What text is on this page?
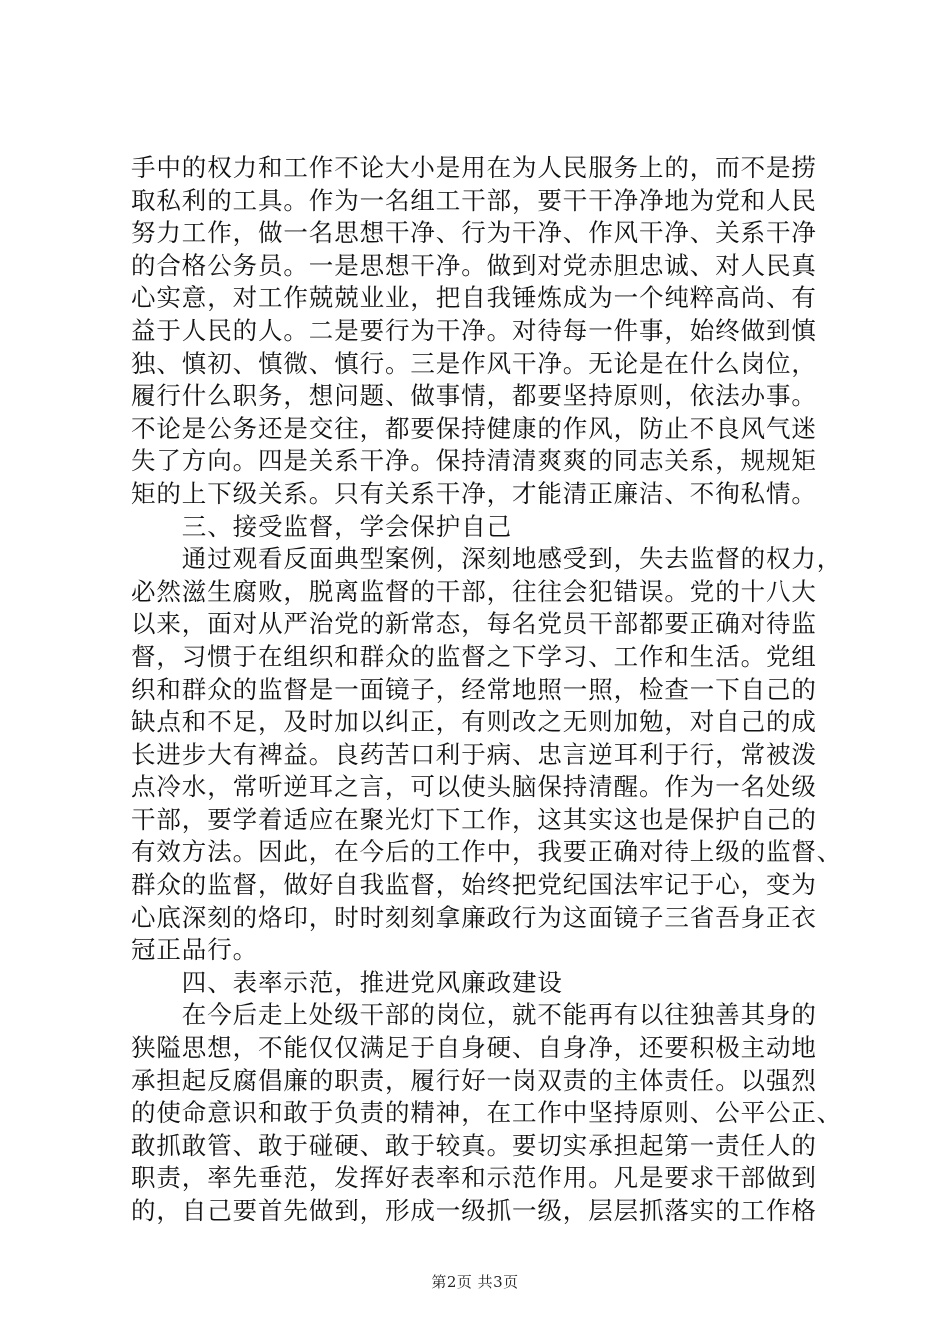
手中的权力和工作不论大小是用在为人民服务上的，而不是捞
取私利的工具。作为一名组工干部，要干干净净地为党和人民
努力工作，做一名思想干净、行为干净、作风干净、关系干净
的合格公务员。一是思想干净。做到对党赤胆忠诚、对人民真
心实意，对工作兢兢业业，把自我锤炼成为一个纯粹高尚、有
益于人民的人。二是要行为干净。对待每一件事，始终做到慎
独、慎初、慎微、慎行。三是作风干净。无论是在什么岗位，
履行什么职务，想问题、做事情，都要坚持原则，依法办事。
不论是公务还是交往，都要保持健康的作风，防止不良风气迷
失了方向。四是关系干净。保持清清爽爽的同志关系，规规矩
矩的上下级关系。只有关系干净，才能清正廉洁、不徇私情。
　　三、接受监督，学会保护自己
　　通过观看反面典型案例，深刻地感受到，失去监督的权力，
必然滋生腐败，脱离监督的干部，往往会犯错误。党的十八大
以来，面对从严治党的新常态，每名党员干部都要正确对待监
督，习惯于在组织和群众的监督之下学习、工作和生活。党组
织和群众的监督是一面镜子，经常地照一照，检查一下自己的
缺点和不足，及时加以纠正，有则改之无则加勉，对自己的成
长进步大有裨益。良药苦口利于病、忠言逆耳利于行，常被泼
点冷水，常听逆耳之言，可以使头脑保持清醒。作为一名处级
干部，要学着适应在聚光灯下工作，这其实这也是保护自己的
有效方法。因此，在今后的工作中，我要正确对待上级的监督、
群众的监督，做好自我监督，始终把党纪国法牢记于心，变为
心底深刻的烙印，时时刻刻拿廉政行为这面镜子三省吾身正衣
冠正品行。
　　四、表率示范，推进党风廉政建设
　　在今后走上处级干部的岗位，就不能再有以往独善其身的
狭隘思想，不能仅仅满足于自身硬、自身净，还要积极主动地
承担起反腐倡廉的职责，履行好一岗双责的主体责任。以强烈
的使命意识和敢于负责的精神，在工作中坚持原则、公平公正、
敢抓敢管、敢于碰硬、敢于较真。要切实承担起第一责任人的
职责，率先垂范，发挥好表率和示范作用。凡是要求干部做到
的，自己要首先做到，形成一级抓一级，层层抓落实的工作格
第2页 共3页
